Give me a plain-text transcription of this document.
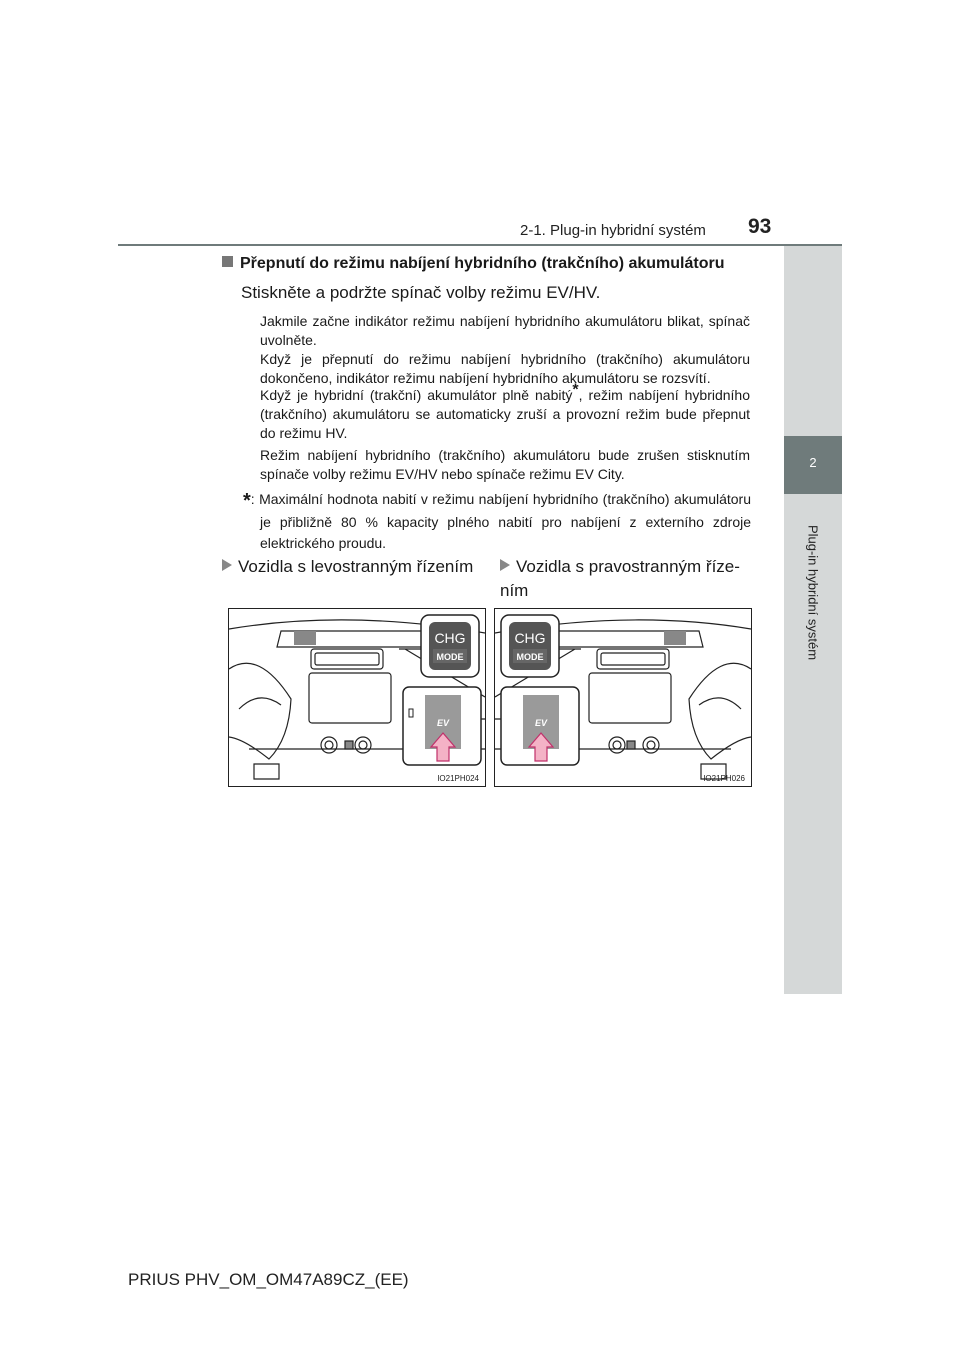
2-1. Plug-in hybridní systém 93
2
Plug-in hybridní systém
Přepnutí do režimu nabíjení hybridního (trakčního) akumulátoru
Stiskněte a podržte spínač volby režimu EV/HV.
Jakmile začne indikátor režimu nabíjení hybridního akumulátoru blikat, spínač uvolněte.
Když je přepnutí do režimu nabíjení hybridního (trakčního) akumulátoru dokončeno, indikátor režimu nabíjení hybridního akumulátoru se rozsvítí.
Když je hybridní (trakční) akumulátor plně nabitý*, režim nabíjení hybridního (trakčního) akumulátoru se automaticky zruší a provozní režim bude přepnut do režimu HV.
Režim nabíjení hybridního (trakčního) akumulátoru bude zrušen stisknutím spínače volby režimu EV/HV nebo spínače režimu EV City.
*: Maximální hodnota nabití v režimu nabíjení hybridního (trakčního) akumulátoru je přibližně 80 % kapacity plného nabití pro nabíjení z externího zdroje elektrického proudu.
Vozidla s levostranným řízením	Vozidla s pravostranným říze-ním
CHG
MODE
EV
IO21PH024
CHG
MODE
EV
IO21PH026
PRIUS PHV_OM_OM47A89CZ_(EE)
